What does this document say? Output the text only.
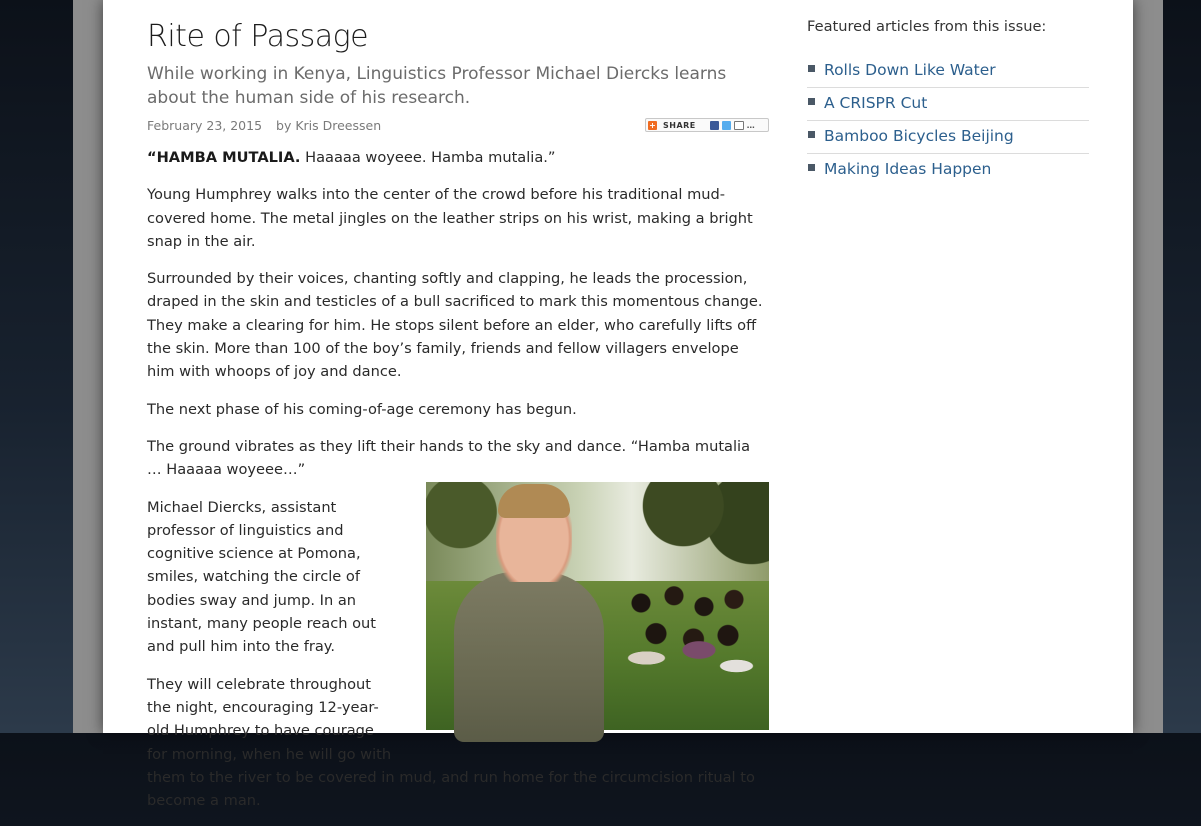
Rite of Passage
While working in Kenya, Linguistics Professor Michael Diercks learns about the human side of his research.
February 23, 2015 by Kris Dreessen	+ SHARE	…

“HAMBA MUTALIA. Haaaaa woyeee. Hamba mutalia.”

Young Humphrey walks into the center of the crowd before his traditional mud-covered home. The metal jingles on the leather strips on his wrist, making a bright snap in the air.

Surrounded by their voices, chanting softly and clapping, he leads the procession, draped in the skin and testicles of a bull sacrificed to mark this momentous change. They make a clearing for him. He stops silent before an elder, who carefully lifts off the skin. More than 100 of the boy’s family, friends and fellow villagers envelope him with whoops of joy and dance.

The next phase of his coming-of-age ceremony has begun.

The ground vibrates as they lift their hands to the sky and dance. “Hamba mutalia … Haaaaa woyeee…”

Michael Diercks, assistant professor of linguistics and cognitive science at Pomona, smiles, watching the circle of bodies sway and jump. In an instant, many people reach out and pull him into the fray.

They will celebrate throughout the night, encouraging 12-year-old Humphrey to have courage for morning, when he will go with them to the river to be covered in mud, and run home for the circumcision ritual to become a man.

Featured articles from this issue:
Rolls Down Like Water
A CRISPR Cut
Bamboo Bicycles Beijing
Making Ideas Happen
